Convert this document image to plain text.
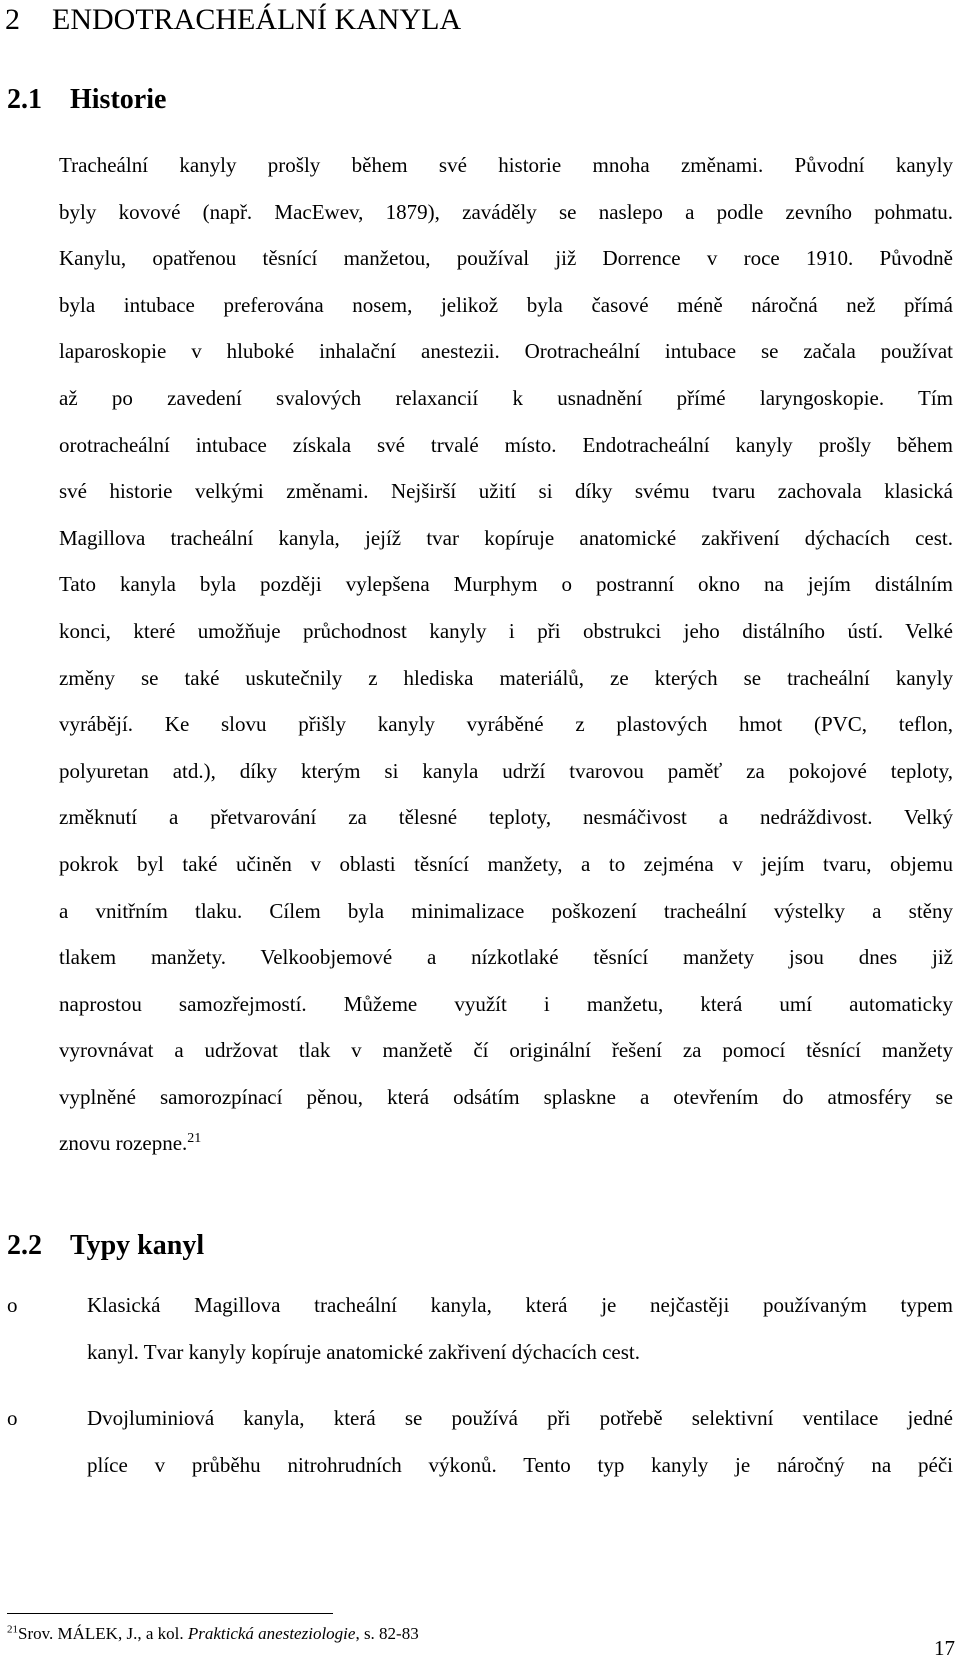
2 ENDOTRACHEÁLNÍ KANYLA
2.1 Historie
Tracheální kanyly prošly během své historie mnoha změnami. Původní kanyly
byly kovové (např. MacEwev, 1879), zaváděly se naslepo a podle zevního pohmatu.
Kanylu, opatřenou těsnící manžetou, používal již Dorrence v roce 1910. Původně
byla intubace preferována nosem, jelikož byla časové méně náročná než přímá
laparoskopie v hluboké inhalační anestezii. Orotracheální intubace se začala používat
až po zavedení svalových relaxancií k usnadnění přímé laryngoskopie. Tím
orotracheální intubace získala své trvalé místo. Endotracheální kanyly prošly během
své historie velkými změnami. Nejširší užití si díky svému tvaru zachovala klasická
Magillova tracheální kanyla, jejíž tvar kopíruje anatomické zakřivení dýchacích cest.
Tato kanyla byla později vylepšena Murphym o postranní okno na jejím distálním
konci, které umožňuje průchodnost kanyly i při obstrukci jeho distálního ústí. Velké
změny se také uskutečnily z hlediska materiálů, ze kterých se tracheální kanyly
vyrábějí. Ke slovu přišly kanyly vyráběné z plastových hmot (PVC, teflon,
polyuretan atd.), díky kterým si kanyla udrží tvarovou paměť za pokojové teploty,
změknutí a přetvarování za tělesné teploty, nesmáčivost a nedráždivost. Velký
pokrok byl také učiněn v oblasti těsnící manžety, a to zejména v jejím tvaru, objemu
a vnitřním tlaku. Cílem byla minimalizace poškození tracheální výstelky a stěny
tlakem manžety. Velkoobjemové a nízkotlaké těsnící manžety jsou dnes již
naprostou samozřejmostí. Můžeme využít i manžetu, která umí automaticky
vyrovnávat a udržovat tlak v manžetě čí originální řešení za pomocí těsnící manžety
vyplněné samorozpínací pěnou, která odsátím splaskne a otevřením do atmosféry se
znovu rozepne.$^{21}$
2.2 Typy kanyl
o	Klasická Magillova tracheální kanyla, která je nejčastěji používaným typem
kanyl. Tvar kanyly kopíruje anatomické zakřivení dýchacích cest.
o	Dvojluminiová kanyla, která se používá při potřebě selektivní ventilace jedné
plíce v průběhu nitrohrudních výkonů. Tento typ kanyly je náročný na péči
$^{21}$Srov. MÁLEK, J., a kol. Praktická anesteziologie, s. 82-83
17
